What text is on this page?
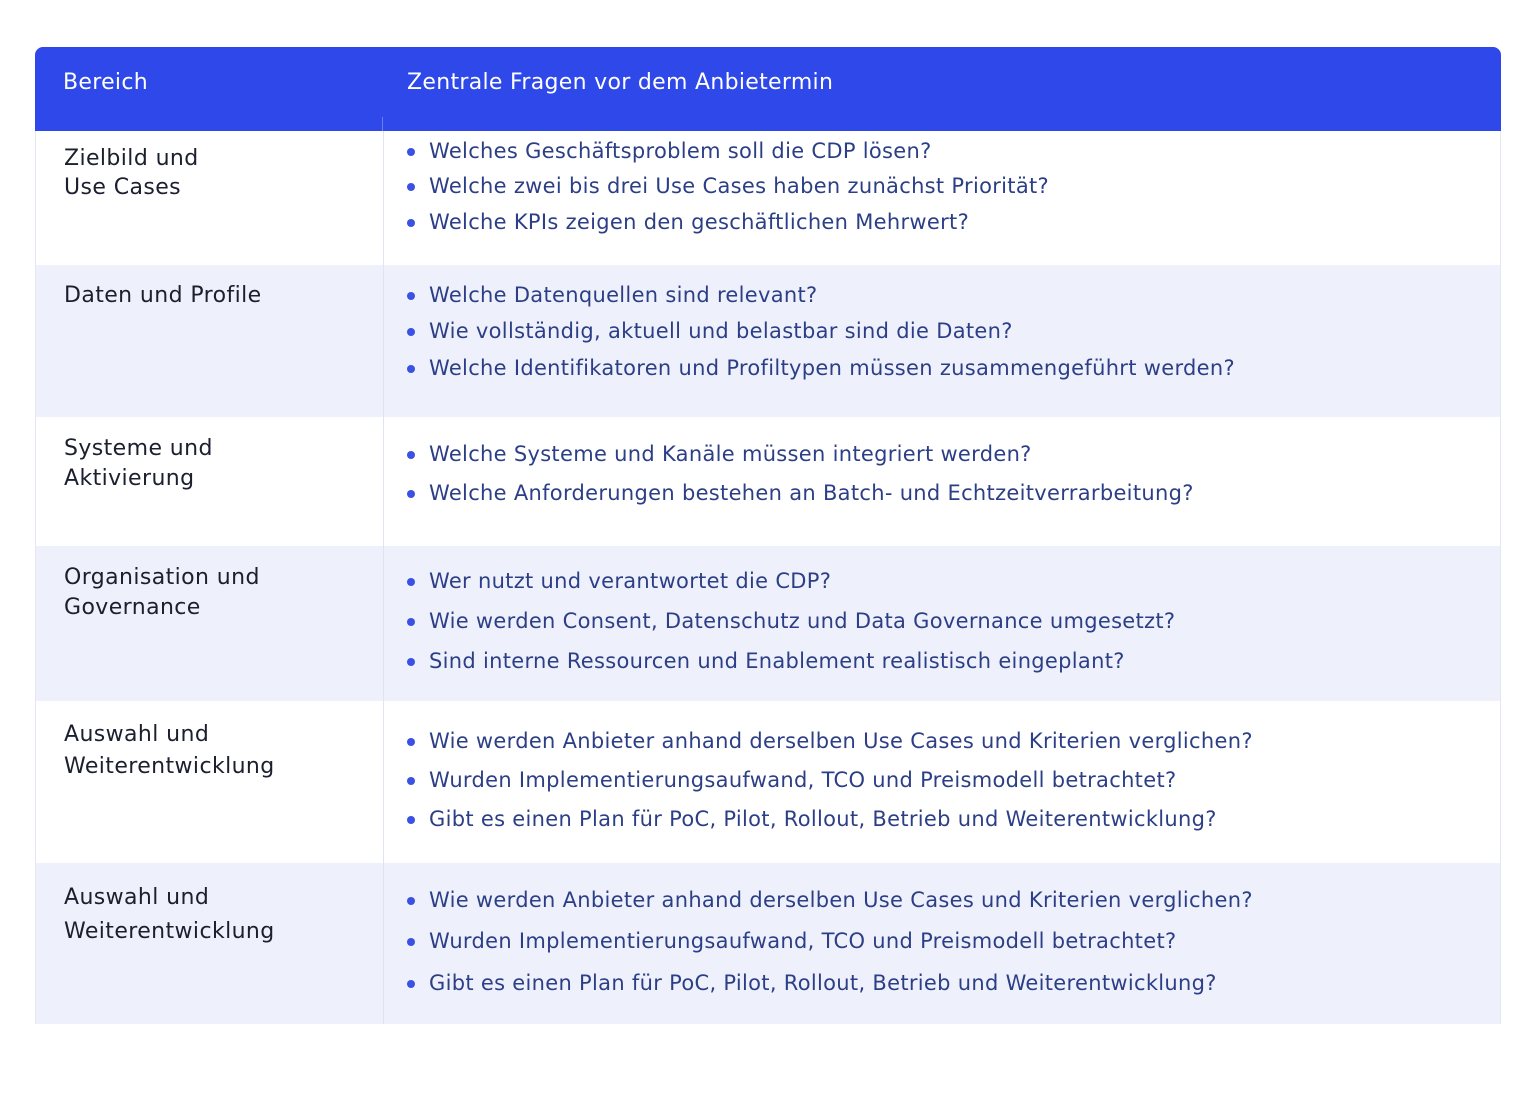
Bereich	Zentrale Fragen vor dem Anbietermin
Zielbild und
Use Cases
Welches Geschäftsproblem soll die CDP lösen?
Welche zwei bis drei Use Cases haben zunächst Priorität?
Welche KPIs zeigen den geschäftlichen Mehrwert?
Daten und Profile	Welche Datenquellen sind relevant?
Wie vollständig, aktuell und belastbar sind die Daten?
Welche Identifikatoren und Profiltypen müssen zusammengeführt werden?
Systeme und
Aktivierung
Welche Systeme und Kanäle müssen integriert werden?
Welche Anforderungen bestehen an Batch- und Echtzeitverrarbeitung?
Organisation und
Governance
Wer nutzt und verantwortet die CDP?
Wie werden Consent, Datenschutz und Data Governance umgesetzt?
Sind interne Ressourcen und Enablement realistisch eingeplant?
Auswahl und
Weiterentwicklung
Wie werden Anbieter anhand derselben Use Cases und Kriterien verglichen?
Wurden Implementierungsaufwand, TCO und Preismodell betrachtet?
Gibt es einen Plan für PoC, Pilot, Rollout, Betrieb und Weiterentwicklung?
Auswahl und
Weiterentwicklung
Wie werden Anbieter anhand derselben Use Cases und Kriterien verglichen?
Wurden Implementierungsaufwand, TCO und Preismodell betrachtet?
Gibt es einen Plan für PoC, Pilot, Rollout, Betrieb und Weiterentwicklung?
